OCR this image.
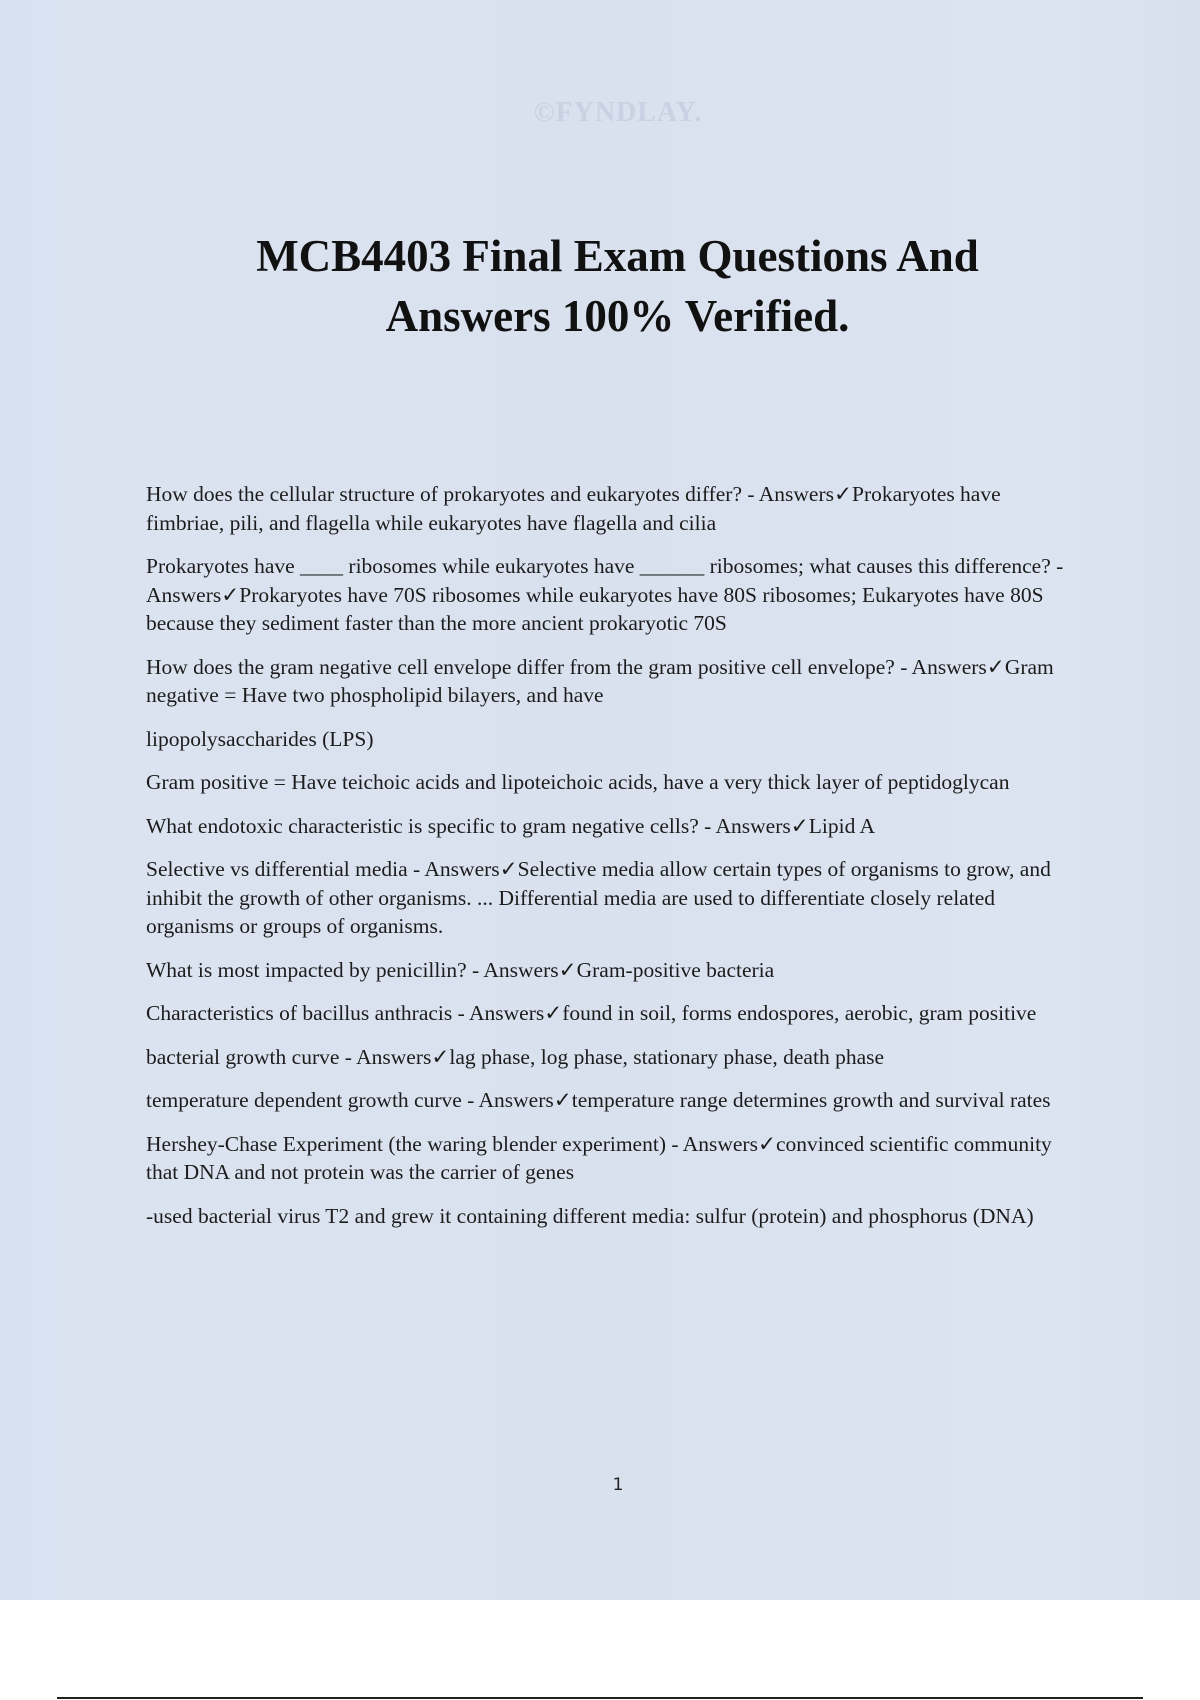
©FYNDLAY.
MCB4403 Final Exam Questions And
Answers 100% Verified.

How does the cellular structure of prokaryotes and eukaryotes differ? - Answers✓Prokaryotes have fimbriae, pili, and flagella while eukaryotes have flagella and cilia

Prokaryotes have ____ ribosomes while eukaryotes have ______ ribosomes; what causes this difference? - Answers✓Prokaryotes have 70S ribosomes while eukaryotes have 80S ribosomes; Eukaryotes have 80S because they sediment faster than the more ancient prokaryotic 70S

How does the gram negative cell envelope differ from the gram positive cell envelope? - Answers✓Gram negative = Have two phospholipid bilayers, and have

lipopolysaccharides (LPS)

Gram positive = Have teichoic acids and lipoteichoic acids, have a very thick layer of peptidoglycan

What endotoxic characteristic is specific to gram negative cells? - Answers✓Lipid A

Selective vs differential media - Answers✓Selective media allow certain types of organisms to grow, and inhibit the growth of other organisms. ... Differential media are used to differentiate closely related organisms or groups of organisms.

What is most impacted by penicillin? - Answers✓Gram-positive bacteria

Characteristics of bacillus anthracis - Answers✓found in soil, forms endospores, aerobic, gram positive

bacterial growth curve - Answers✓lag phase, log phase, stationary phase, death phase

temperature dependent growth curve - Answers✓temperature range determines growth and survival rates

Hershey-Chase Experiment (the waring blender experiment) - Answers✓convinced scientific community that DNA and not protein was the carrier of genes

-used bacterial virus T2 and grew it containing different media: sulfur (protein) and phosphorus (DNA)

1
